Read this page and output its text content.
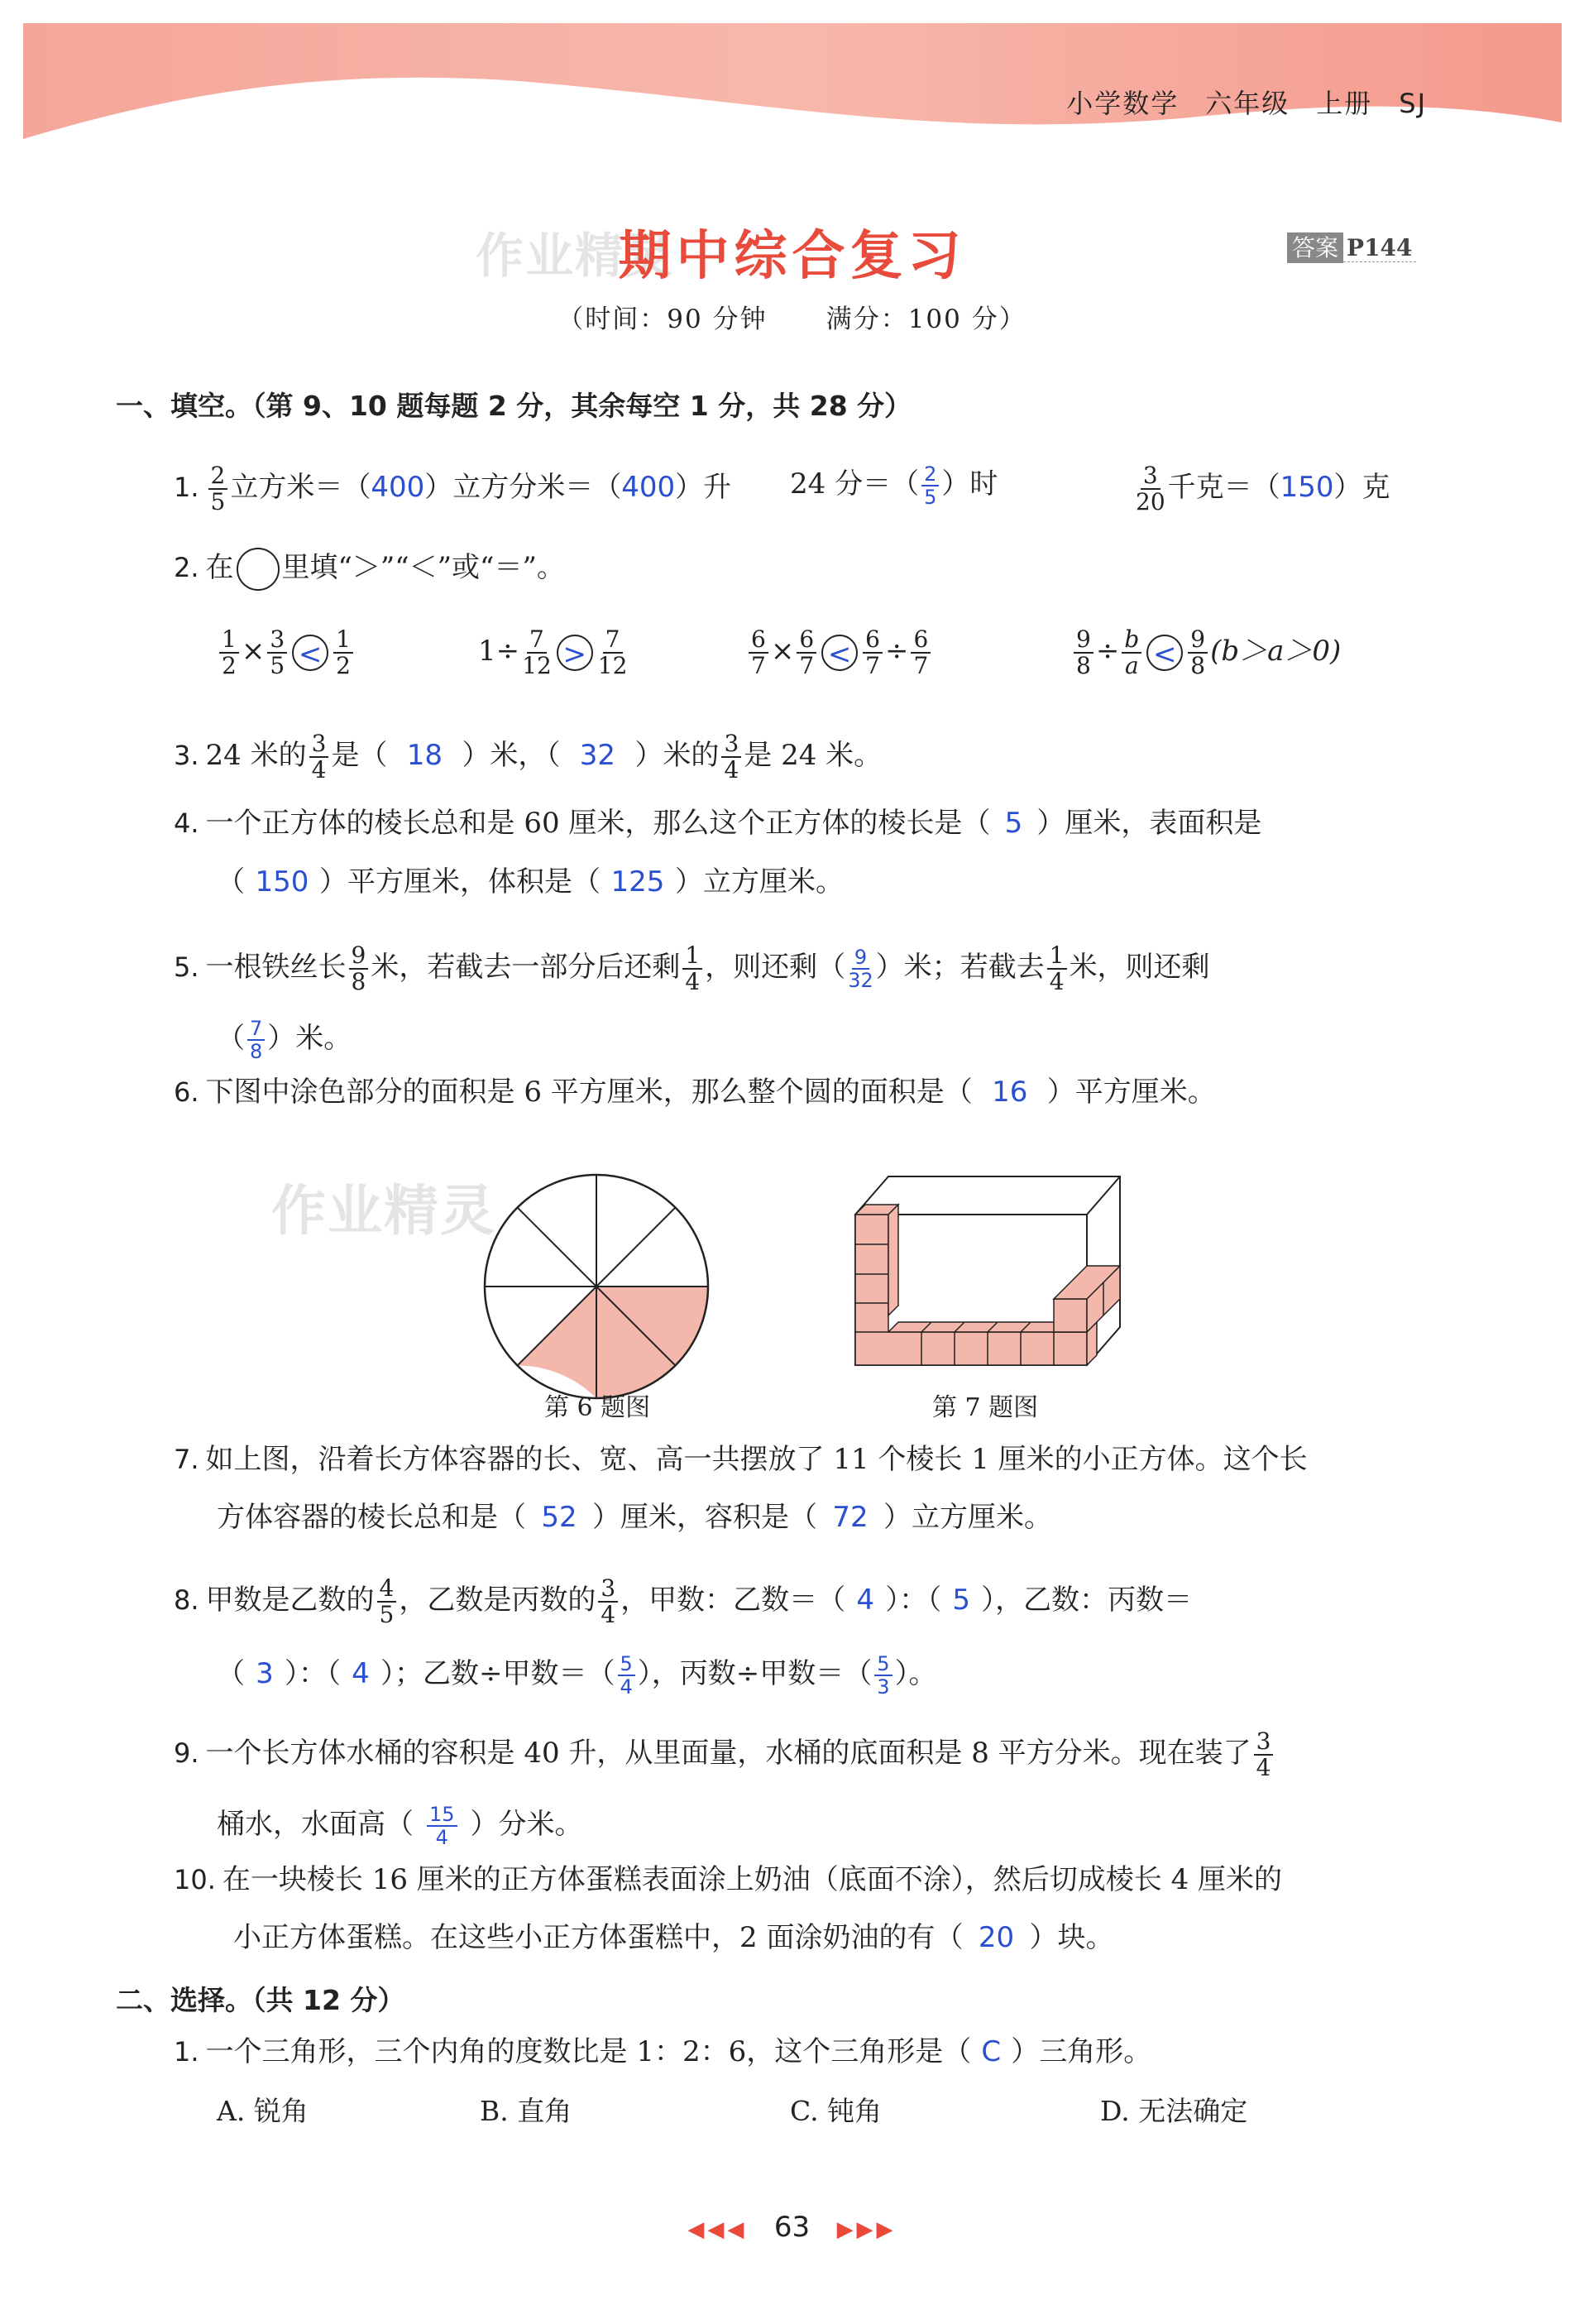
小学数学 六年级 上册 SJ
作业精灵
期中综合复习	答案 P144
（时间：90 分钟 满分：100 分）
一、填空。（第 9、10 题每题 2 分，其余每空 1 分，共 28 分）
1. $\frac{2}{5}$ 立方米＝（400）立方分米＝（400）升 24 分＝（ $\frac{2}{5}$ ）时	$\frac{3}{20}$ 千克＝（150）克
2. 在 里填“＞”“＜”或“＝”。
$\frac{1}{2} \times \frac{3}{5} < \frac{1}{2}$	$1\div \frac{7}{12} > \frac{7}{12}$	$\frac{6}{7} \times \frac{6}{7} < \frac{6}{7} \div \frac{6}{7}$	$\frac{9}{8} \div \frac{b}{a} < \frac{9}{8} (b>a>0)$
3. 24 米的 $\frac{3}{4}$ 是（ 18 ）米，（ 32 ）米的 $\frac{3}{4}$ 是 24 米。
4. 一个正方体的棱长总和是 60 厘米，那么这个正方体的棱长是（ 5 ）厘米，表面积是
（ 150 ）平方厘米，体积是（ 125 ）立方厘米。
5. 一根铁丝长 $\frac{9}{8}$ 米，若截去一部分后还剩 $\frac{1}{4}$ ，则还剩（ $\frac{9}{32}$ ）米；若截去 $\frac{1}{4}$ 米，则还剩
（ $\frac{7}{8}$ ）米。
6. 下图中涂色部分的面积是 6 平方厘米，那么整个圆的面积是（ 16 ）平方厘米。
作业精灵
第 6 题图	第 7 题图
7. 如上图，沿着长方体容器的长、宽、高一共摆放了 11 个棱长 1 厘米的小正方体。这个长
方体容器的棱长总和是（ 52 ）厘米，容积是（ 72 ）立方厘米。
8. 甲数是乙数的 $\frac{4}{5}$ ，乙数是丙数的 $\frac{3}{4}$ ，甲数：乙数＝（ 4 ）：（ 5 ），乙数：丙数＝
（ 3 ）：（ 4 ）；乙数÷甲数＝（ $\frac{5}{4}$ ），丙数÷甲数＝（ $\frac{5}{3}$ ）。
9. 一个长方体水桶的容积是 40 升，从里面量，水桶的底面积是 8 平方分米。现在装了 $\frac{3}{4}$
桶水，水面高（ $\frac{15}{4}$ ）分米。
10. 在一块棱长 16 厘米的正方体蛋糕表面涂上奶油（底面不涂），然后切成棱长 4 厘米的
小正方体蛋糕。在这些小正方体蛋糕中，2 面涂奶油的有（ 20 ）块。
二、选择。（共 12 分）
1. 一个三角形，三个内角的度数比是 1：2：6，这个三角形是（ C ）三角形。
A. 锐角	B. 直角	C. 钝角	D. 无法确定
◀◀◀ 63 ▶▶▶
